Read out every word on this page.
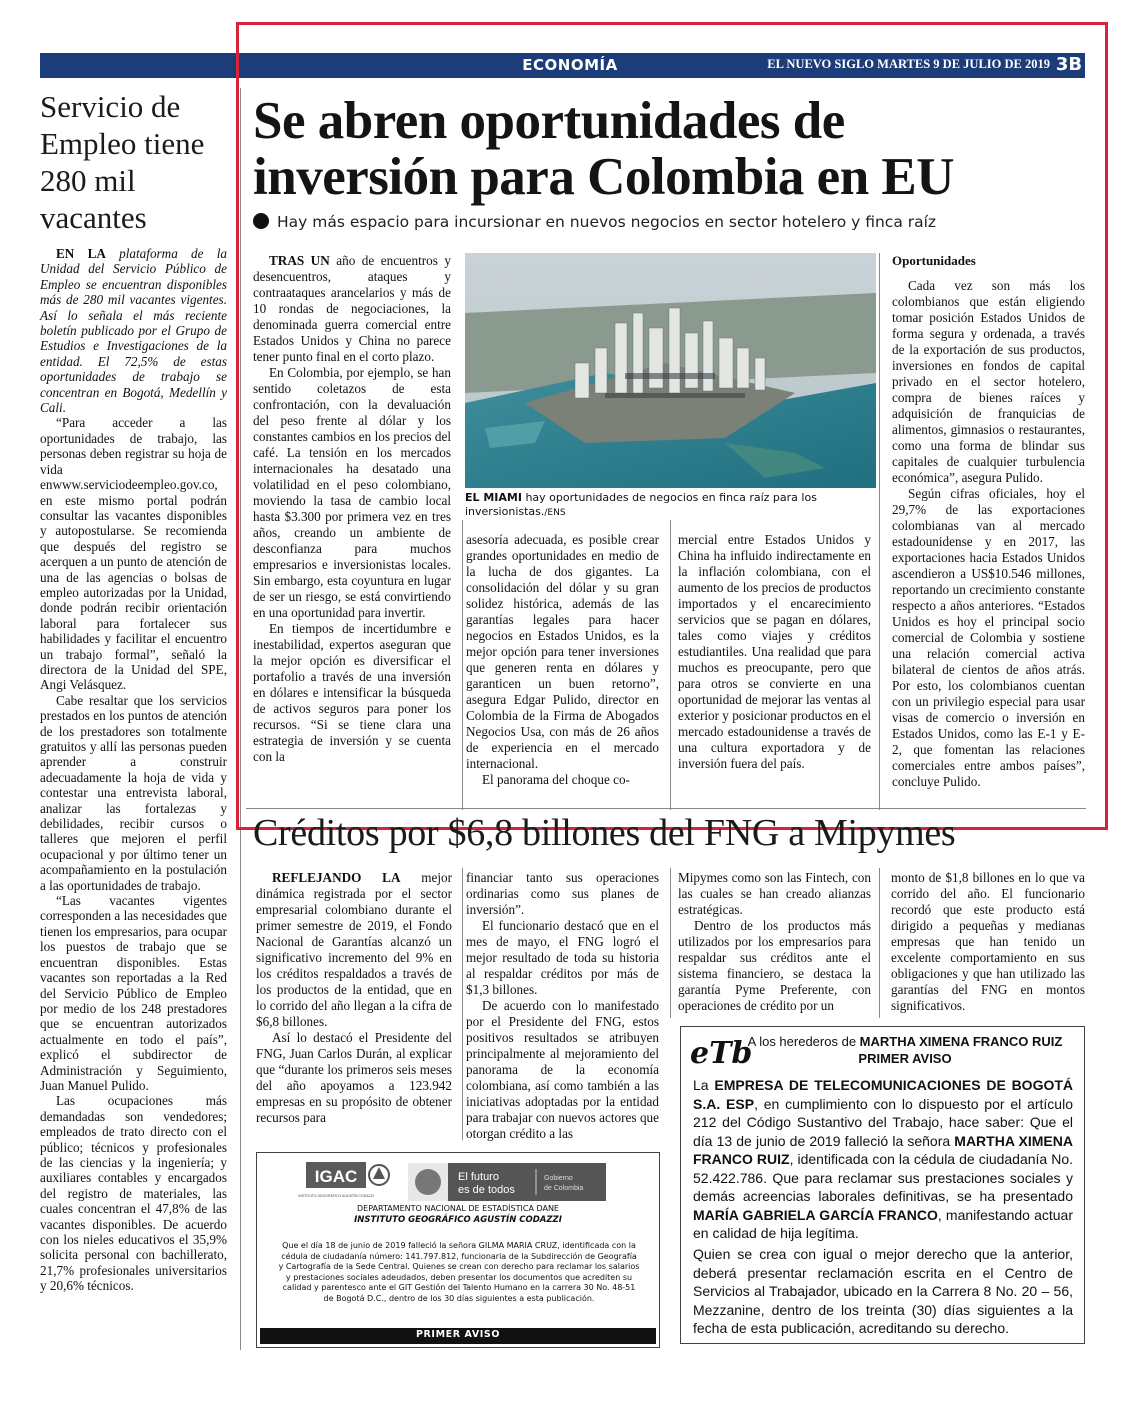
ECONOMÍA	EL NUEVO SIGLO MARTES 9 DE JULIO DE 2019 3B
Servicio de Empleo tiene 280 mil vacantes

EN LA plataforma de la Unidad del Servicio Público de Empleo se encuentran disponibles más de 280 mil vacantes vigentes. Así lo señala el más reciente boletín publicado por el Grupo de Estudios e Investigaciones de la entidad. El 72,5% de estas oportunidades de trabajo se concentran en Bogotá, Medellín y Cali.

“Para acceder a las oportunidades de trabajo, las personas deben registrar su hoja de vida enwww.serviciodeempleo.gov.co, en este mismo portal podrán consultar las vacantes disponibles y autopostularse. Se recomienda que después del registro se acerquen a un punto de atención de una de las agencias o bolsas de empleo autorizadas por la Unidad, donde podrán recibir orientación laboral para fortalecer sus habilidades y facilitar el encuentro un trabajo formal”, señaló la directora de la Unidad del SPE, Angi Velásquez.

Cabe resaltar que los servicios prestados en los puntos de atención de los prestadores son totalmente gratuitos y allí las personas pueden aprender a construir adecuadamente la hoja de vida y contestar una entrevista laboral, analizar las fortalezas y debilidades, recibir cursos o talleres que mejoren el perfil ocupacional y por último tener un acompañamiento en la postulación a las oportunidades de trabajo.

“Las vacantes vigentes corresponden a las necesidades que tienen los empresarios, para ocupar los puestos de trabajo que se encuentran disponibles. Estas vacantes son reportadas a la Red del Servicio Público de Empleo por medio de los 248 prestadores que se encuentran autorizados actualmente en todo el país”, explicó el subdirector de Administración y Seguimiento, Juan Manuel Pulido.

Las ocupaciones más demandadas son vendedores; empleados de trato directo con el público; técnicos y profesionales de las ciencias y la ingeniería; y auxiliares contables y encargados del registro de materiales, las cuales concentran el 47,8% de las vacantes disponibles. De acuerdo con los nieles educativos el 35,9% solicita personal con bachillerato, 21,7% profesionales universitarios y 20,6% técnicos.

Se abren oportunidades de
inversión para Colombia en EU
Hay más espacio para incursionar en nuevos negocios en sector hotelero y finca raíz

TRAS UN año de encuentros y desencuentros, ataques y contraataques arancelarios y más de 10 rondas de negociaciones, la denominada guerra comercial entre Estados Unidos y China no parece tener punto final en el corto plazo.

En Colombia, por ejemplo, se han sentido coletazos de esta confrontación, con la devaluación del peso frente al dólar y los constantes cambios en los precios del café. La tensión en los mercados internacionales ha desatado una volatilidad en el peso colombiano, moviendo la tasa de cambio local hasta $3.300 por primera vez en tres años, creando un ambiente de desconfianza para muchos empresarios e inversionistas locales. Sin embargo, esta coyuntura en lugar de ser un riesgo, se está convirtiendo en una oportunidad para invertir.

En tiempos de incertidumbre e inestabilidad, expertos aseguran que la mejor opción es diversificar el portafolio a través de una inversión en dólares e intensificar la búsqueda de activos seguros para poner los recursos. “Si se tiene clara una estrategia de inversión y se cuenta con la

EL MIAMI hay oportunidades de negocios en finca raíz para los inversionistas./ENS

asesoría adecuada, es posible crear grandes oportunidades en medio de la lucha de dos gigantes. La consolidación del dólar y su gran solidez histórica, además de las garantías legales para hacer negocios en Estados Unidos, es la mejor opción para tener inversiones que generen renta en dólares y garanticen un buen retorno”, asegura Edgar Pulido, director en Colombia de la Firma de Abogados Negocios Usa, con más de 26 años de experiencia en el mercado internacional.

El panorama del choque co-

mercial entre Estados Unidos y China ha influido indirectamente en la inflación colombiana, con el aumento de los precios de productos importados y el encarecimiento servicios que se pagan en dólares, tales como viajes y créditos estudiantiles. Una realidad que para muchos es preocupante, pero que para otros se convierte en una oportunidad de mejorar las ventas al exterior y posicionar productos en el mercado estadounidense a través de una cultura exportadora y de inversión fuera del país.

Oportunidades

Cada vez son más los colombianos que están eligiendo tomar posición Estados Unidos de forma segura y ordenada, a través de la exportación de sus productos, inversiones en fondos de capital privado en el sector hotelero, compra de bienes raíces y adquisición de franquicias de alimentos, gimnasios o restaurantes, como una forma de blindar sus capitales de cualquier turbulencia económica”, asegura Pulido.

Según cifras oficiales, hoy el 29,7% de las exportaciones colombianas van al mercado estadounidense y en 2017, las exportaciones hacia Estados Unidos ascendieron a US$10.546 millones, reportando un crecimiento constante respecto a años anteriores. “Estados Unidos es hoy el principal socio comercial de Colombia y sostiene una relación comercial activa bilateral de cientos de años atrás. Por esto, los colombianos cuentan con un privilegio especial para usar visas de comercio o inversión en Estados Unidos, como las E-1 y E-2, que fomentan las relaciones comerciales entre ambos países”, concluye Pulido.

Créditos por $6,8 billones del FNG a Mipymes

REFLEJANDO LA mejor dinámica registrada por el sector empresarial colombiano durante el primer semestre de 2019, el Fondo Nacional de Garantías alcanzó un significativo incremento del 9% en los créditos respaldados a través de los productos de la entidad, que en lo corrido del año llegan a la cifra de $6,8 billones.

Así lo destacó el Presidente del FNG, Juan Carlos Durán, al explicar que “durante los primeros seis meses del año apoyamos a 123.942 empresas en su propósito de obtener recursos para

financiar tanto sus operaciones ordinarias como sus planes de inversión”.

El funcionario destacó que en el mes de mayo, el FNG logró el mejor resultado de toda su historia al respaldar créditos por más de $1,3 billones.

De acuerdo con lo manifestado por el Presidente del FNG, estos positivos resultados se atribuyen principalmente al mejoramiento del panorama de la economía colombiana, así como también a las iniciativas adoptadas por la entidad para trabajar con nuevos actores que otorgan crédito a las

Mipymes como son las Fintech, con las cuales se han creado alianzas estratégicas.

Dentro de los productos más utilizados por los empresarios para respaldar sus créditos ante el sistema financiero, se destaca la garantía Pyme Preferente, con operaciones de crédito por un

monto de $1,8 billones en lo que va corrido del año. El funcionario recordó que este producto está dirigido a pequeñas y medianas empresas que han tenido un excelente comportamiento en sus obligaciones y que han utilizado las garantías del FNG en montos significativos.

IGAC
INSTITUTO GEOGRÁFICO AGUSTÍN CODAZZI
El futuro
es de todos
Gobierno
de Colombia
DEPARTAMENTO NACIONAL DE ESTADÍSTICA DANE
INSTITUTO GEOGRÁFICO AGUSTÍN CODAZZI
Que el día 18 de junio de 2019 falleció la señora GILMA MARIA CRUZ, identificada con la cédula de ciudadanía número: 141.797.812, funcionaria de la Subdirección de Geografía y Cartografía de la Sede Central. Quienes se crean con derecho para reclamar los salarios y prestaciones sociales adeudados, deben presentar los documentos que acrediten su calidad y parentesco ante el GIT Gestión del Talento Humano en la carrera 30 No. 48-51 de Bogotá D.C., dentro de los 30 días siguientes a esta publicación.
PRIMER AVISO
eTb
A los herederos de MARTHA XIMENA FRANCO RUIZ
PRIMER AVISO
La EMPRESA DE TELECOMUNICACIONES DE BOGOTÁ S.A. ESP, en cumplimiento con lo dispuesto por el artículo 212 del Código Sustantivo del Trabajo, hace saber: Que el día 13 de junio de 2019 falleció la señora MARTHA XIMENA FRANCO RUIZ, identificada con la cédula de ciudadanía No. 52.422.786. Que para reclamar sus prestaciones sociales y demás acreencias laborales definitivas, se ha presentado MARÍA GABRIELA GARCÍA FRANCO, manifestando actuar en calidad de hija legítima.
Quien se crea con igual o mejor derecho que la anterior, deberá presentar reclamación escrita en el Centro de Servicios al Trabajador, ubicado en la Carrera 8 No. 20 – 56, Mezzanine, dentro de los treinta (30) días siguientes a la fecha de esta publicación, acreditando su derecho.
